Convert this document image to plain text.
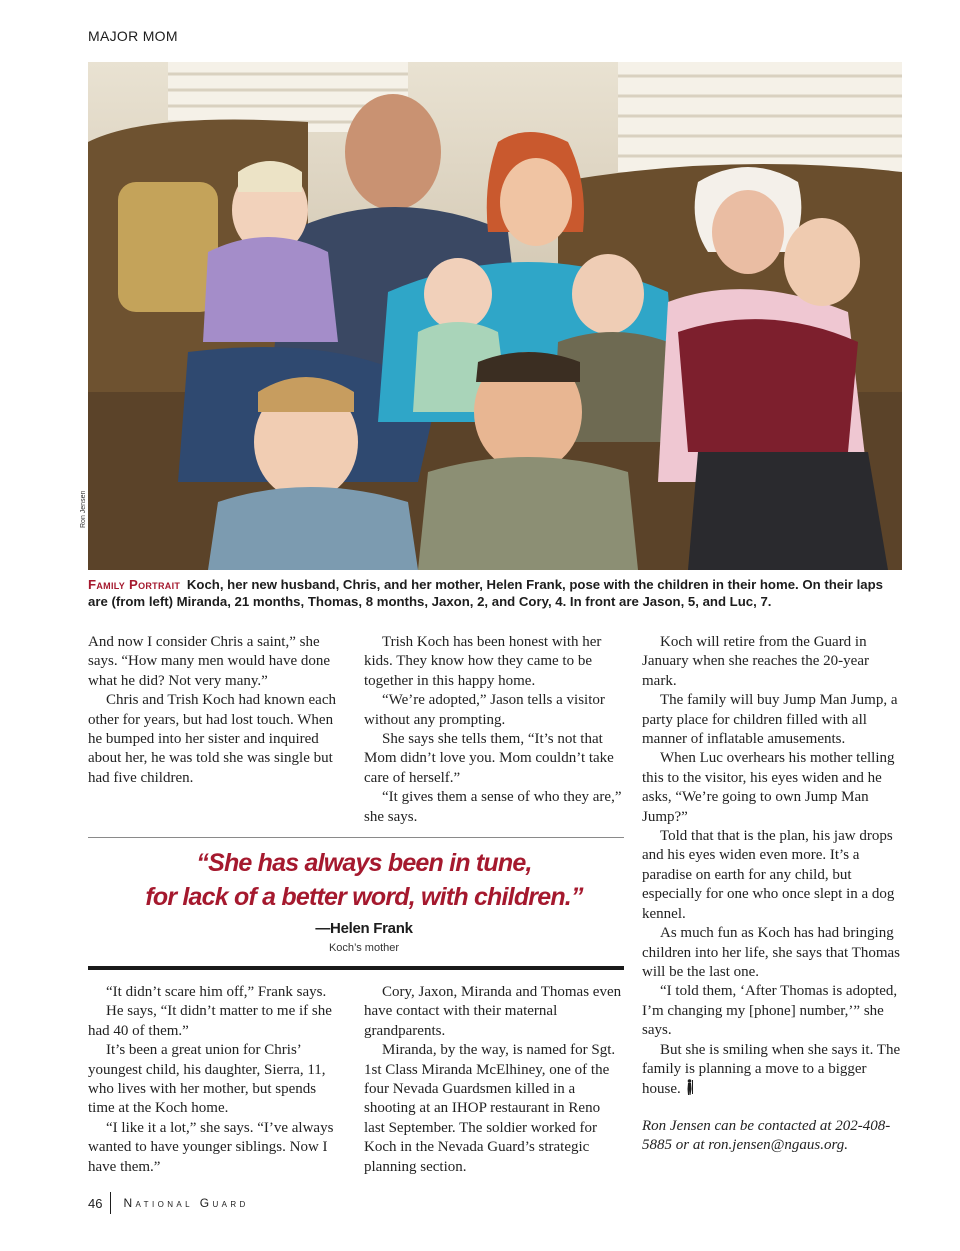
MAJOR MOM
Ron Jensen
Family Portrait Koch, her new husband, Chris, and her mother, Helen Frank, pose with the children in their home. On their laps are (from left) Miranda, 21 months, Thomas, 8 months, Jaxon, 2, and Cory, 4. In front are Jason, 5, and Luc, 7.

And now I consider Chris a saint,” she says. “How many men would have done what he did? Not very many.”

Chris and Trish Koch had known each other for years, but had lost touch. When he bumped into her sister and inquired about her, he was told she was single but had five children.

Trish Koch has been honest with her kids. They know how they came to be together in this happy home.

“We’re adopted,” Jason tells a visitor without any prompting.

She says she tells them, “It’s not that Mom didn’t love you. Mom couldn’t take care of herself.”

“It gives them a sense of who they are,” she says.

“She has always been in tune,
for lack of a better word, with children.”
—Helen Frank
Koch’s mother

“It didn’t scare him off,” Frank says.

He says, “It didn’t matter to me if she had 40 of them.”

It’s been a great union for Chris’ youngest child, his daughter, Sierra, 11, who lives with her mother, but spends time at the Koch home.

“I like it a lot,” she says. “I’ve always wanted to have younger siblings. Now I have them.”

Cory, Jaxon, Miranda and Thomas even have contact with their maternal grandparents.

Miranda, by the way, is named for Sgt. 1st Class Miranda McElhiney, one of the four Nevada Guardsmen killed in a shooting at an IHOP restaurant in Reno last September. The soldier worked for Koch in the Nevada Guard’s strategic planning section.

Koch will retire from the Guard in January when she reaches the 20-year mark.

The family will buy Jump Man Jump, a party place for children filled with all manner of inflatable amusements.

When Luc overhears his mother telling this to the visitor, his eyes widen and he asks, “We’re going to own Jump Man Jump?”

Told that that is the plan, his jaw drops and his eyes widen even more. It’s a paradise on earth for any child, but especially for one who once slept in a dog kennel.

As much fun as Koch has had bringing children into her life, she says that Thomas will be the last one.

“I told them, ‘After Thomas is adopted, I’m changing my [phone] number,’” she says.

But she is smiling when she says it. The family is planning a move to a bigger house.

Ron Jensen can be contacted at 202-408-5885 or at ron.jensen@ngaus.org.

46 National Guard
